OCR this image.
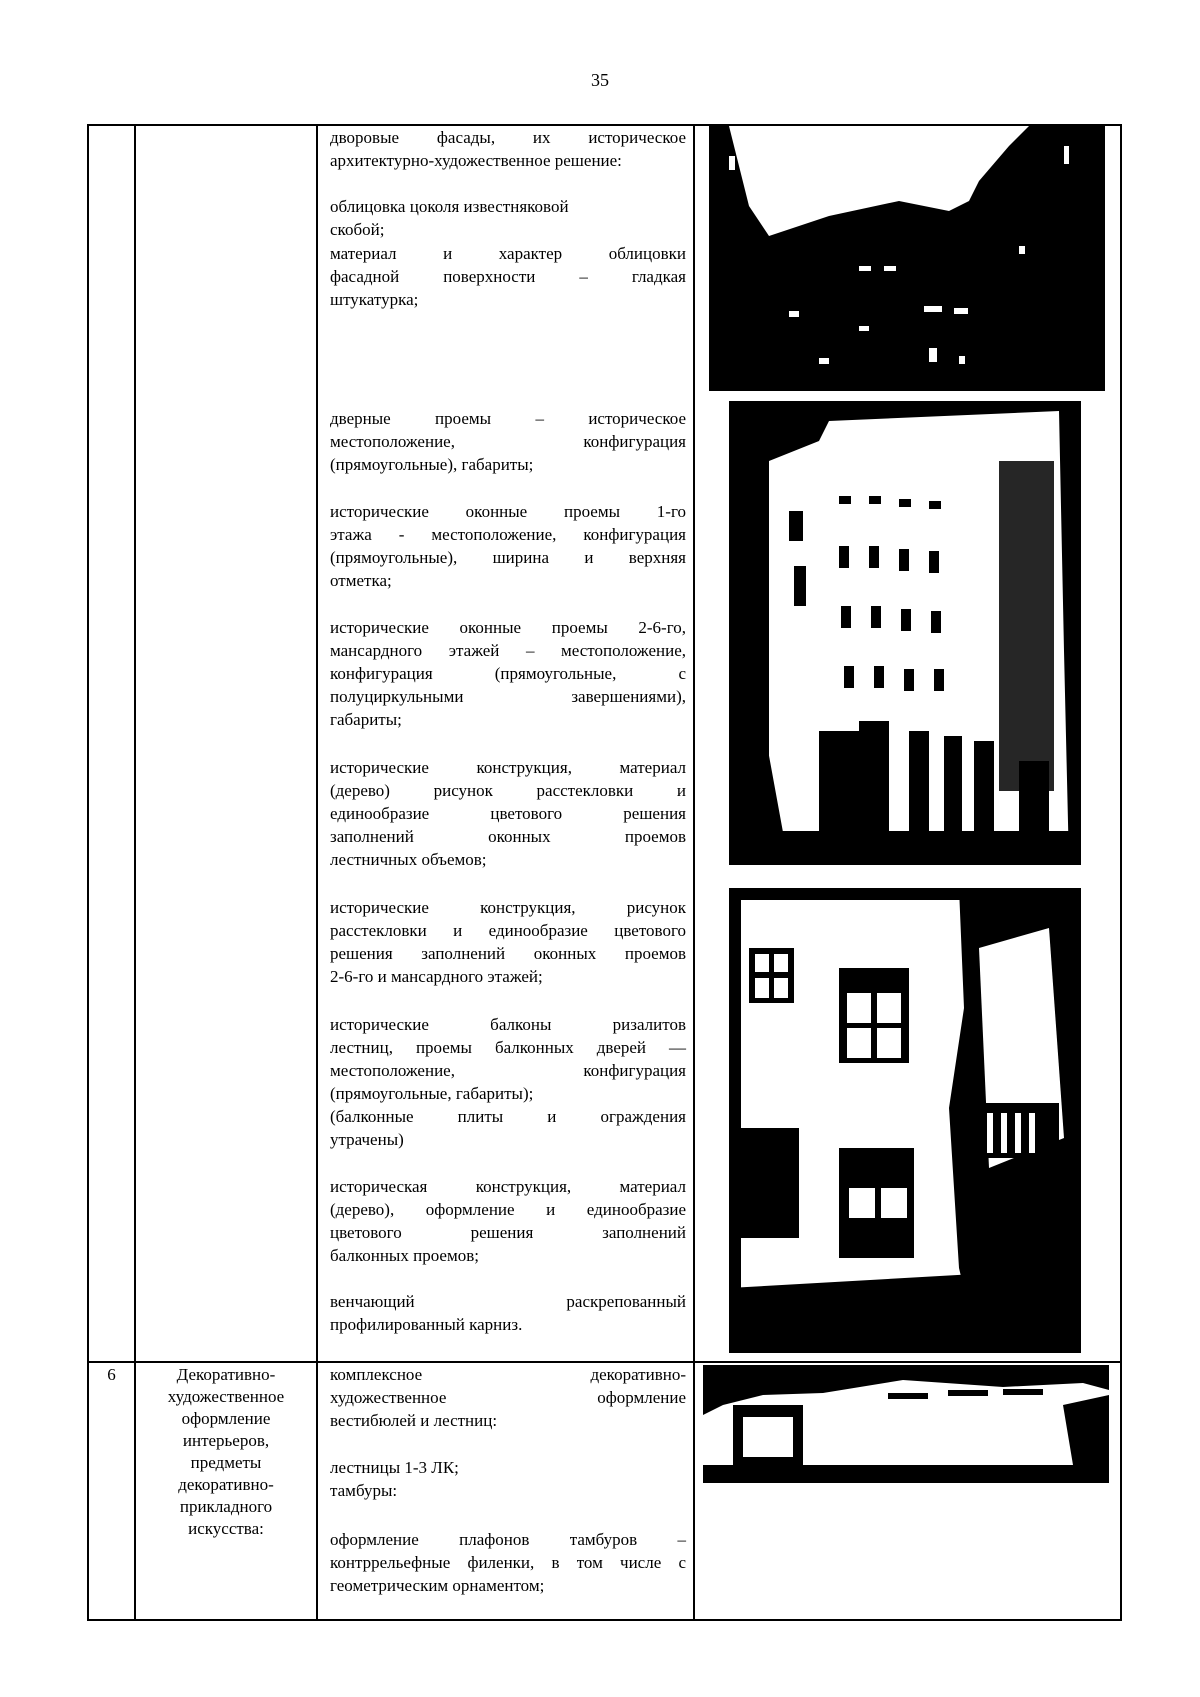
35

дворовые фасады, их историческое

архитектурно-художественное решение:

облицовка цоколя известняковой

скобой;

материал и характер облицовки

фасадной поверхности – гладкая

штукатурка;

дверные проемы – историческое

местоположение, конфигурация

(прямоугольные), габариты;

исторические оконные проемы 1-го

этажа - местоположение, конфигурация

(прямоугольные), ширина и верхняя

отметка;

исторические оконные проемы 2-6-го,

мансардного этажей – местоположение,

конфигурация (прямоугольные, с

полуциркульными завершениями),

габариты;

исторические конструкция, материал

(дерево) рисунок расстекловки и

единообразие цветового решения

заполнений оконных проемов

лестничных объемов;

исторические конструкция, рисунок

расстекловки и единообразие цветового

решения заполнений оконных проемов

2-6-го и мансардного этажей;

исторические балконы ризалитов

лестниц, проемы балконных дверей —

местоположение, конфигурация

(прямоугольные, габариты);

(балконные плиты и ограждения

утрачены)

историческая конструкция, материал

(дерево), оформление и единообразие

цветового решения заполнений

балконных проемов;

венчающий раскрепованный

профилированный карниз.

6	Декоративно-
художественное
оформление
интерьеров,
предметы
декоративно-
прикладного
искусства:

комплексное декоративно-

художественное оформление

вестибюлей и лестниц:

лестницы 1-3 ЛК;

тамбуры:

оформление плафонов тамбуров –

контррельефные филенки, в том числе с

геометрическим орнаментом;
